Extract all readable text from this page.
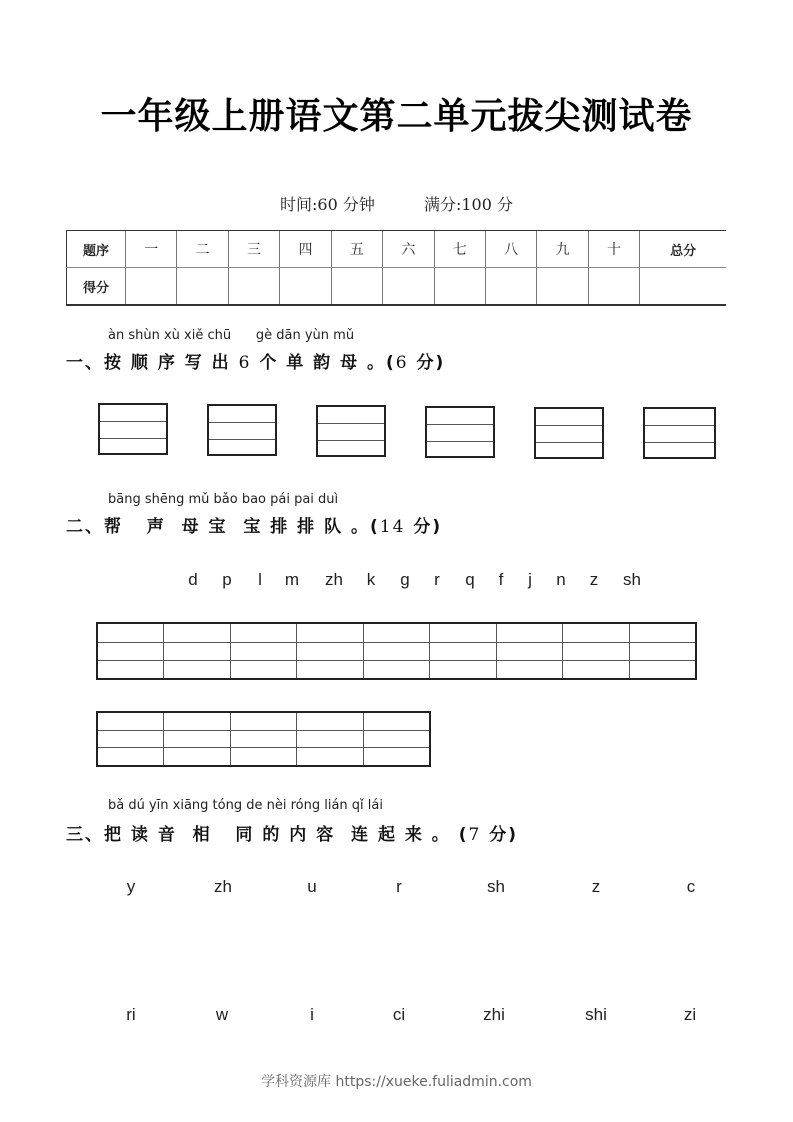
一年级上册语文第二单元拔尖测试卷
时间:60 分钟	满分:100 分
题序	一	二	三	四	五	六	七	八	九	十	总分
得分											
àn shùn xù xiě chū      gè dān yùn mǔ
一、按 顺 序 写 出 6 个 单 韵 母 。(6 分)
bāng shēng mǔ bǎo bao pái pai duì
二、帮   声  母 宝  宝 排 排 队 。(14 分)
d p l m zh k g r q f j n z sh
bǎ dú yīn xiāng tóng de nèi róng lián qǐ lái
三、把 读 音  相   同 的 内 容  连 起 来 。 (7 分)
y	zh	u	r	sh	z	c
ri	w	i	ci	zhi	shi	zi
学科资源库 https://xueke.fuliadmin.com
